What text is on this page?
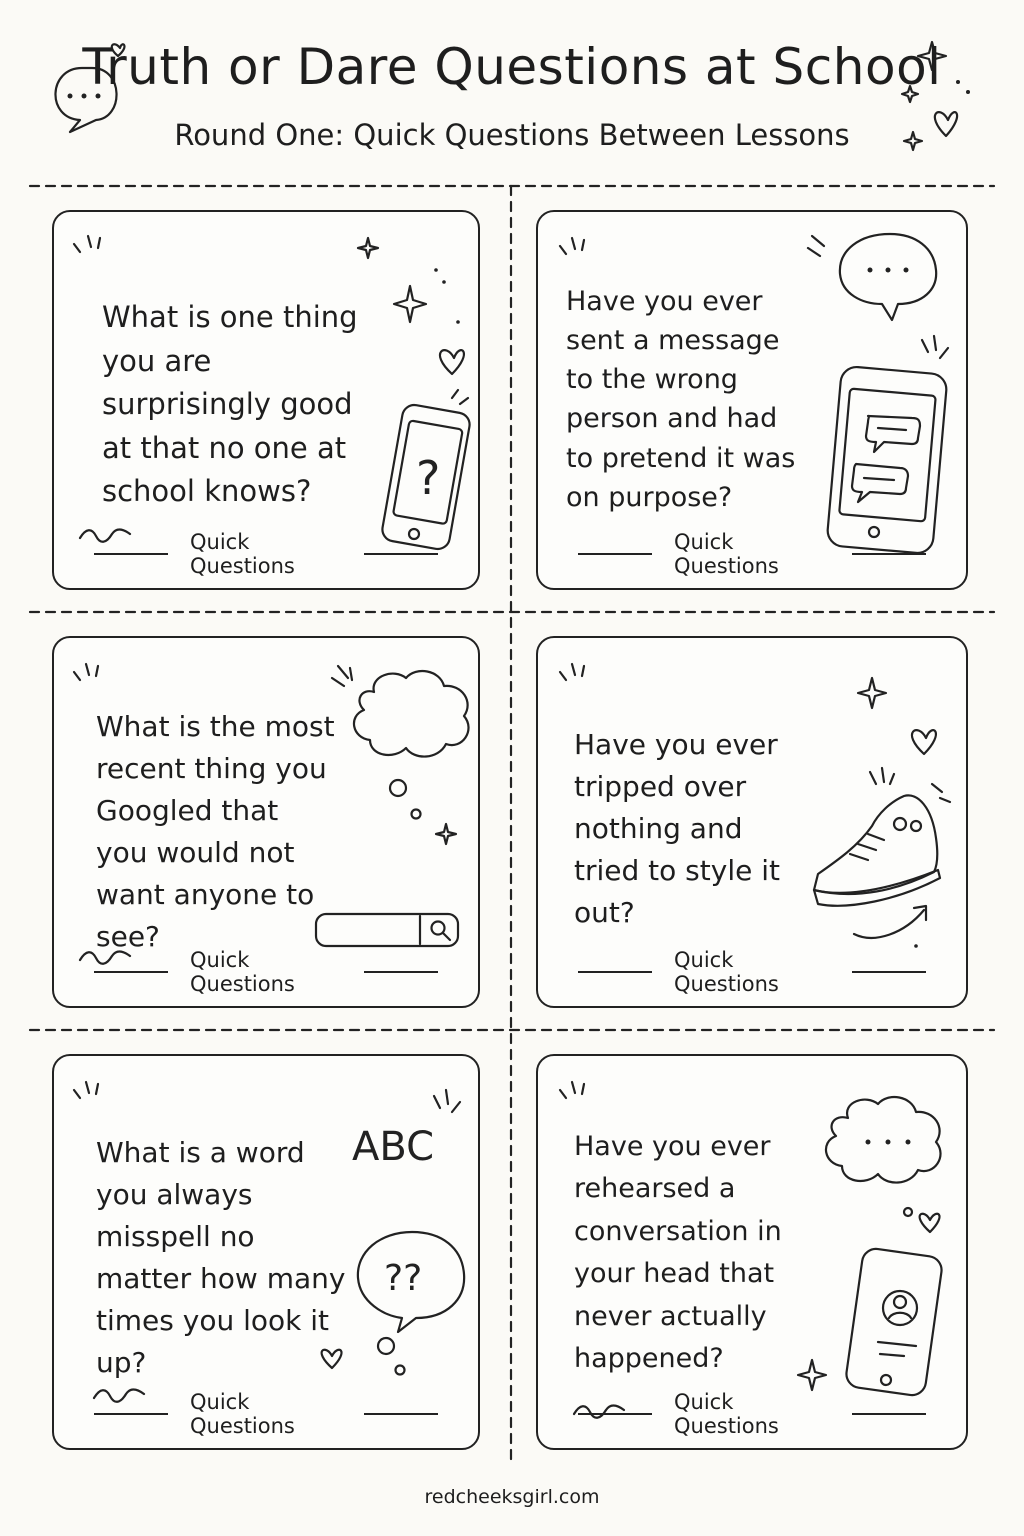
Truth or Dare Questions at School
Round One: Quick Questions Between Lessons
What is one thing you are surprisingly good at that no one at school knows?	?
Quick Questions
Have you ever sent a message to the wrong person and had to pretend it was on purpose?
Quick Questions
What is the most recent thing you Googled that you would not want anyone to see?
Quick Questions
Have you ever tripped over nothing and tried to style it out?
Quick Questions
What is a word you always misspell no matter how many times you look it up?
ABC
??
Quick Questions
Have you ever rehearsed a conversation in your head that never actually happened?
Quick Questions
redcheeksgirl.com
